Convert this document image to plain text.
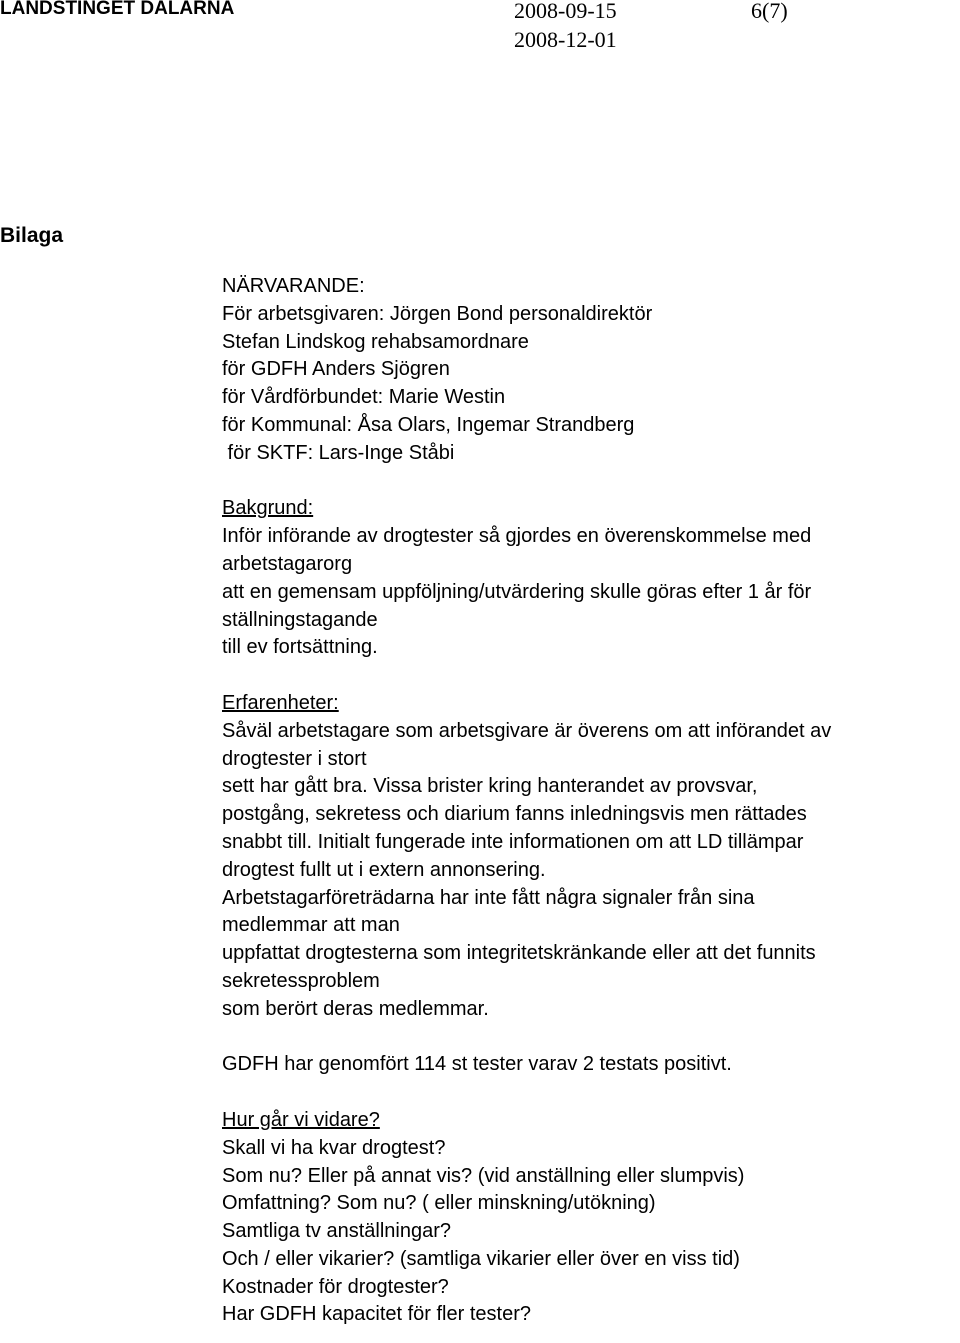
LANDSTINGET DALARNA	2008-09-15
2008-12-01
6(7)
Bilaga
NÄRVARANDE:
För arbetsgivaren: Jörgen Bond personaldirektör
Stefan Lindskog rehabsamordnare
för GDFH Anders Sjögren
för Vårdförbundet: Marie Westin
för Kommunal: Åsa Olars, Ingemar Strandberg
för SKTF: Lars-Inge Ståbi
Bakgrund:
Inför införande av drogtester så gjordes en överenskommelse med
arbetstagarorg
att en gemensam uppföljning/utvärdering skulle göras efter 1 år för
ställningstagande
till ev fortsättning.
Erfarenheter:
Såväl arbetstagare som arbetsgivare är överens om att införandet av
drogtester i stort
sett har gått bra. Vissa brister kring hanterandet av provsvar,
postgång, sekretess och diarium fanns inledningsvis men rättades
snabbt till. Initialt fungerade inte informationen om att LD tillämpar
drogtest fullt ut i extern annonsering.
Arbetstagarföreträdarna har inte fått några signaler från sina
medlemmar att man
uppfattat drogtesterna som integritetskränkande eller att det funnits
sekretessproblem
som berört deras medlemmar.
GDFH har genomfört 114 st tester varav 2 testats positivt.
Hur går vi vidare?
Skall vi ha kvar drogtest?
Som nu? Eller på annat vis? (vid anställning eller slumpvis)
Omfattning? Som nu? ( eller minskning/utökning)
Samtliga tv anställningar?
Och / eller vikarier? (samtliga vikarier eller över en viss tid)
Kostnader för drogtester?
Har GDFH kapacitet för fler tester?
